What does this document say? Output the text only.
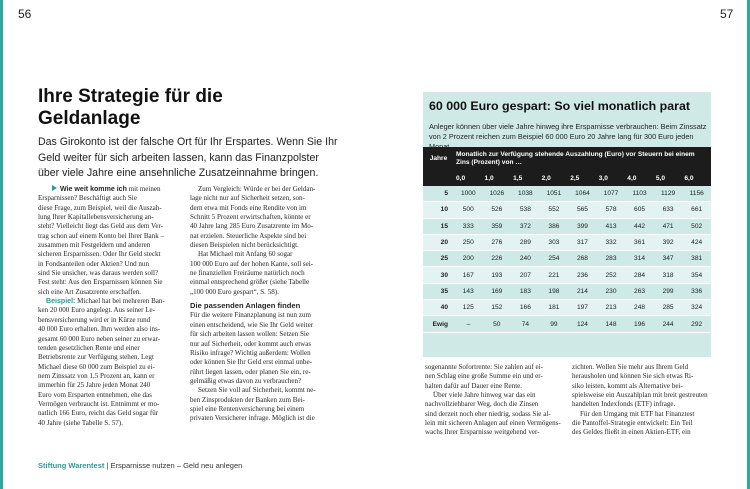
56
Ihre Strategie für die
Geldanlage
Das Girokonto ist der falsche Ort für Ihr Erspartes. Wenn Sie Ihr Geld weiter für sich arbeiten lassen, kann das Finanzpolster über viele Jahre eine ansehnliche Zusatzeinnahme bringen.
Wie weit komme ich mit meinen
Ersparnissen? Beschäftigt auch Sie
diese Frage, zum Beispiel, weil die Auszah-
lung Ihrer Kapitallebensversicherung an-
steht? Vielleicht liegt das Geld aus dem Ver-
trag schon auf einem Konto bei Ihrer Bank –
zusammen mit Festgeldern und anderen
sicheren Ersparnissen. Oder Ihr Geld steckt
in Fondsanteilen oder Aktien? Und nun
sind Sie unsicher, was daraus werden soll?
Fest steht: Aus den Ersparnissen können Sie
sich eine Art Zusatzrente erschaffen.
Beispiel: Michael hat bei mehreren Ban-
ken 20 000 Euro angelegt. Aus seiner Le-
bensversicherung wird er in Kürze rund
40 000 Euro erhalten. Ihm werden also ins-
gesamt 60 000 Euro neben seiner zu erwar-
tenden gesetzlichen Rente und einer
Betriebsrente zur Verfügung stehen. Legt
Michael diese 60 000 zum Beispiel zu ei-
nem Zinssatz von 1,5 Prozent an, kann er
immerhin für 25 Jahre jeden Monat 240
Euro vom Ersparten entnehmen, ehe das
Vermögen verbraucht ist. Entnimmt er mo-
natlich 166 Euro, reicht das Geld sogar für
40 Jahre (siehe Tabelle S. 57).
Zum Vergleich: Würde er bei der Geldan-
lage nicht nur auf Sicherheit setzen, son-
dern etwa mit Fonds eine Rendite von im
Schnitt 5 Prozent erwirtschaften, könnte er
40 Jahre lang 285 Euro Zusatzrente im Mo-
nat erzielen. Steuerliche Aspekte sind bei
diesen Beispielen nicht berücksichtigt.
Hat Michael mit Anfang 60 sogar
100 000 Euro auf der hohen Kante, soll sei-
ne finanziellen Freiräume natürlich noch
einmal entsprechend größer (siehe Tabelle
„100 000 Euro gespart“, S. 58).
Die passenden Anlagen finden
Für die weitere Finanzplanung ist nun zum
einen entscheidend, wie Sie Ihr Geld weiter
für sich arbeiten lassen wollen: Setzen Sie
nur auf Sicherheit, oder kommt auch etwas
Risiko infrage? Wichtig außerdem: Wollen
oder können Sie Ihr Geld erst einmal unbe-
rührt liegen lassen, oder planen Sie ein, re-
gelmäßig etwas davon zu verbrauchen?
Setzen Sie voll auf Sicherheit, kommt ne-
ben Zinsprodukten der Banken zum Bei-
spiel eine Rentenversicherung bei einem
privaten Versicherer infrage. Möglich ist die
Stiftung Warentest | Ersparnisse nutzen – Geld neu anlegen
57
60 000 Euro gespart: So viel monatlich parat
Anleger können über viele Jahre hinweg ihre Ersparnisse verbrauchen: Beim Zinssatz von 2 Prozent reichen zum Beispiel 60 000 Euro 20 Jahre lang für 300 Euro jeden
Jahre	Monatlich zur Verfügung stehende Auszahlung (Euro) vor Steuern bei einem Zins (Prozent) von …								
	0,0	1,0	1,5	2,0	2,5	3,0	4,0	5,0	6,0
5	1000	1026	1038	1051	1064	1077	1103	1129	1156
10	500	526	538	552	565	578	605	633	661
15	333	359	372	386	399	413	442	471	502
20	250	276	289	303	317	332	361	392	424
25	200	226	240	254	268	283	314	347	381
30	167	193	207	221	236	252	284	318	354
35	143	169	183	198	214	230	263	299	336
40	125	152	166	181	197	213	248	285	324
Ewig	–	50	74	99	124	148	196	244	292
sogenannte Sofortrente: Sie zahlen auf ei-
nen Schlag eine große Summe ein und er-
halten dafür auf Dauer eine Rente.
Über viele Jahre hinweg war das ein
nachvollziehbarer Weg, doch die Zinsen
sind derzeit noch eher niedrig, sodass Sie al-
lein mit sicheren Anlagen auf einen Vermögens-
wachs Ihrer Ersparnisse weitgehend ver-
zichten. Wollen Sie mehr aus Ihrem Geld
herausholen und können Sie sich etwas Ri-
siko leisten, kommt als Alternative bei-
spielsweise ein Auszahlplan mit breit gestreuten
handelten Indexfonds (ETF) infrage.
Für den Umgang mit ETF hat Finanztest
die Pantoffel-Strategie entwickelt: Ein Teil
des Geldes fließt in einen Aktien-ETF, ein
